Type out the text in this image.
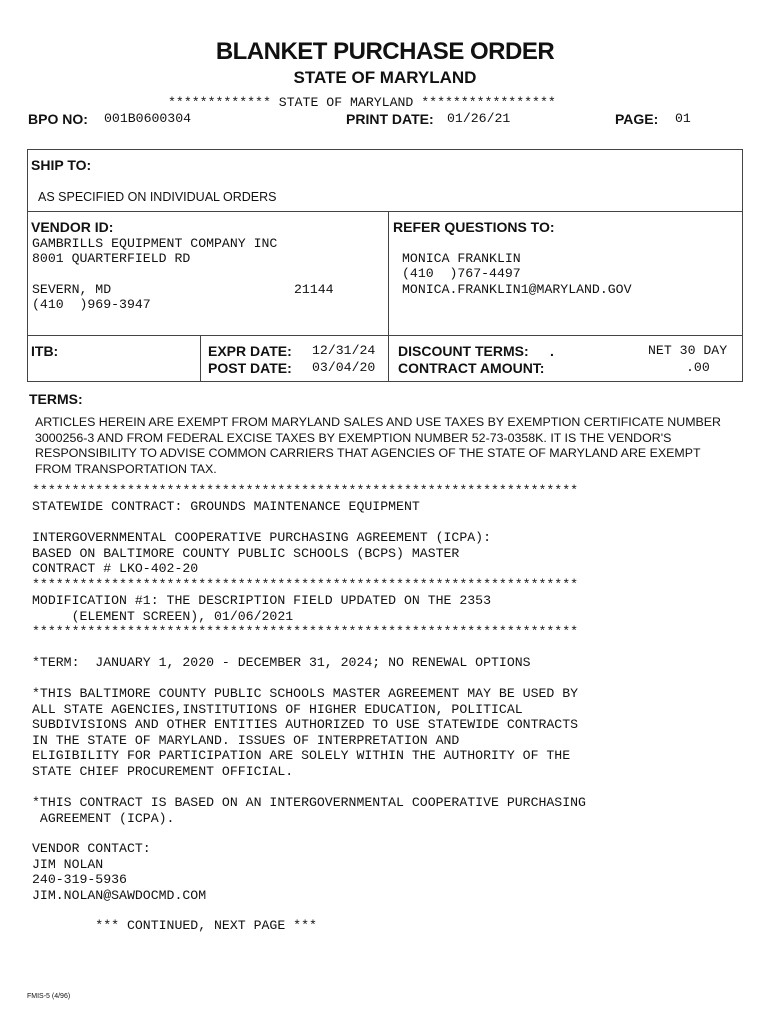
BLANKET PURCHASE ORDER
STATE OF MARYLAND
************* STATE OF MARYLAND *****************
BPO NO: 001B0600304	PRINT DATE: 01/26/21	PAGE: 01
SHIP TO:
AS SPECIFIED ON INDIVIDUAL ORDERS
VENDOR ID:
GAMBRILLS EQUIPMENT COMPANY INC
8001 QUARTERFIELD RD
SEVERN, MD	21144
(410  )969-3947
REFER QUESTIONS TO:
MONICA FRANKLIN
(410  )767-4497
MONICA.FRANKLIN1@MARYLAND.GOV
ITB:	EXPR DATE: 12/31/24
POST DATE: 03/04/20
DISCOUNT TERMS: .	NET 30 DAY
CONTRACT AMOUNT:	.00
TERMS:
ARTICLES HEREIN ARE EXEMPT FROM MARYLAND SALES AND USE TAXES BY EXEMPTION CERTIFICATE NUMBER 3000256-3 AND FROM FEDERAL EXCISE TAXES BY EXEMPTION NUMBER 52-73-0358K. IT IS THE VENDOR'S RESPONSIBILITY TO ADVISE COMMON CARRIERS THAT AGENCIES OF THE STATE OF MARYLAND ARE EXEMPT FROM TRANSPORTATION TAX.
*********************************************************************
STATEWIDE CONTRACT: GROUNDS MAINTENANCE EQUIPMENT
INTERGOVERNMENTAL COOPERATIVE PURCHASING AGREEMENT (ICPA):
BASED ON BALTIMORE COUNTY PUBLIC SCHOOLS (BCPS) MASTER
CONTRACT # LKO-402-20
*********************************************************************
MODIFICATION #1: THE DESCRIPTION FIELD UPDATED ON THE 2353
(ELEMENT SCREEN), 01/06/2021
*********************************************************************
*TERM:  JANUARY 1, 2020 - DECEMBER 31, 2024; NO RENEWAL OPTIONS
*THIS BALTIMORE COUNTY PUBLIC SCHOOLS MASTER AGREEMENT MAY BE USED BY
ALL STATE AGENCIES,INSTITUTIONS OF HIGHER EDUCATION, POLITICAL
SUBDIVISIONS AND OTHER ENTITIES AUTHORIZED TO USE STATEWIDE CONTRACTS
IN THE STATE OF MARYLAND. ISSUES OF INTERPRETATION AND
ELIGIBILITY FOR PARTICIPATION ARE SOLELY WITHIN THE AUTHORITY OF THE
STATE CHIEF PROCUREMENT OFFICIAL.
*THIS CONTRACT IS BASED ON AN INTERGOVERNMENTAL COOPERATIVE PURCHASING
AGREEMENT (ICPA).
VENDOR CONTACT:
JIM NOLAN
240-319-5936
JIM.NOLAN@SAWDOCMD.COM
*** CONTINUED, NEXT PAGE ***
FMIS-5 (4/96)
